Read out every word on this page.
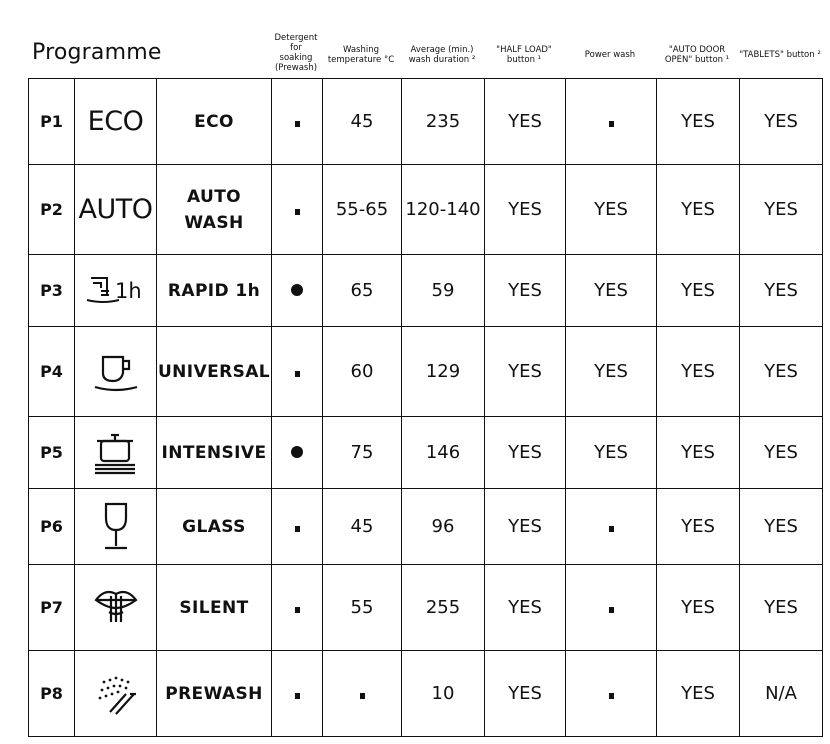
Programme
Detergent
for
soaking
(Prewash)
Washing
temperature °C
Average (min.)
wash duration ²
"HALF LOAD"
button ¹	Power wash	"AUTO DOOR
OPEN" button ¹ "TABLETS" button ²
P1	ECO	ECO		45	235	YES		YES	YES
P2	AUTO	AUTO
WASH		55-65	120-140	YES	YES	YES	YES
P3	1h	RAPID 1h		65	59	YES	YES	YES	YES
P4		UNIVERSAL		60	129	YES	YES	YES	YES
P5		INTENSIVE		75	146	YES	YES	YES	YES
P6		GLASS		45	96	YES		YES	YES
P7		SILENT		55	255	YES		YES	YES
P8		PREWASH			10	YES		YES	N/A
